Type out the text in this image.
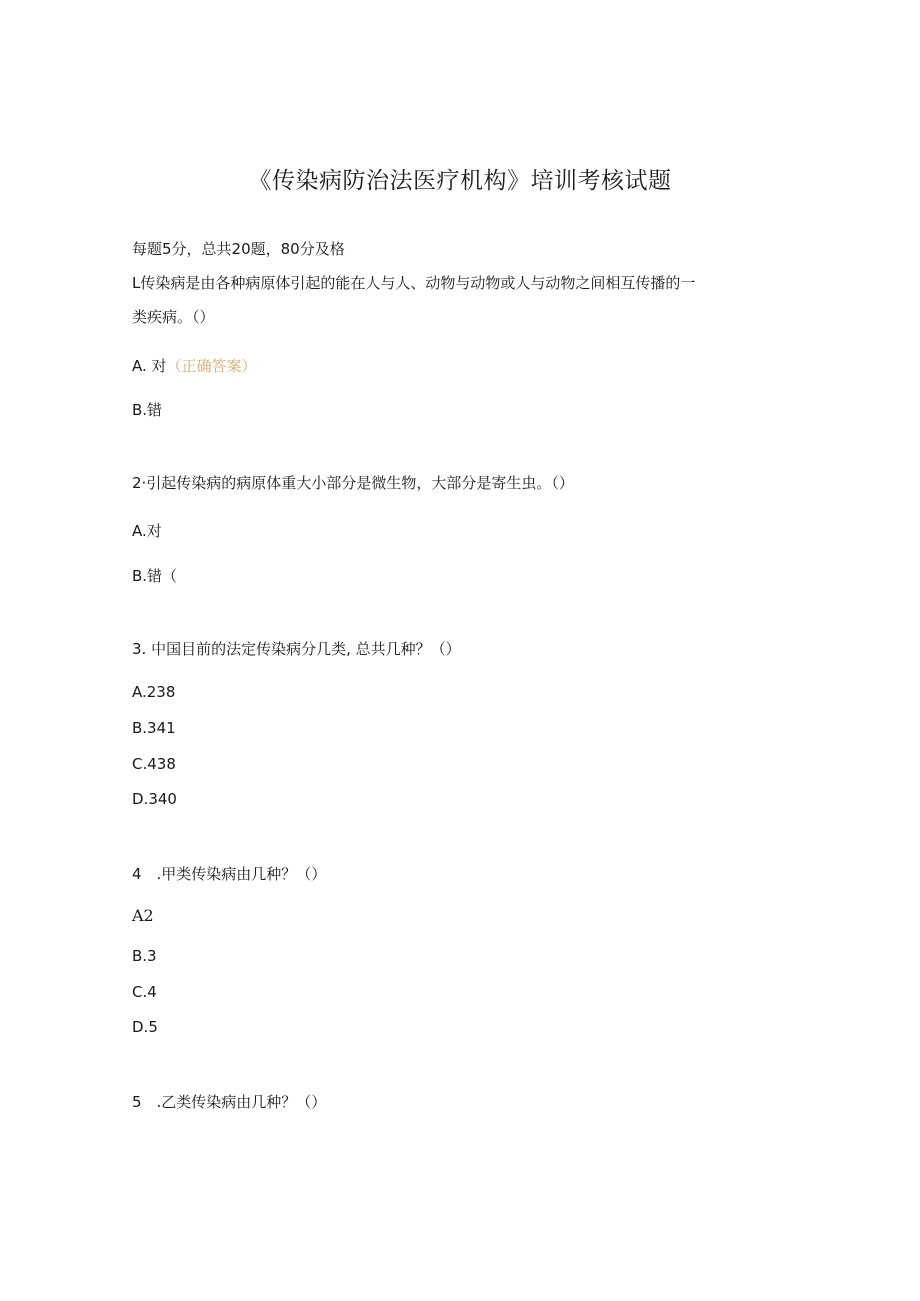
《传染病防治法医疗机构》培训考核试题
每题5分，总共20题，80分及格
L传染病是由各种病原体引起的能在人与人、动物与动物或人与动物之间相互传播的一
类疾病。（）
A. 对（正确答案）
B.错
2·引起传染病的病原体重大小部分是微生物，大部分是寄生虫。（）
A.对
B.错（
3. 中国目前的法定传染病分几类, 总共几种？（）
A.238
B.341
C.438
D.340
4 .甲类传染病由几种？（）
A2
B.3
C.4
D.5
5 .乙类传染病由几种？（）
